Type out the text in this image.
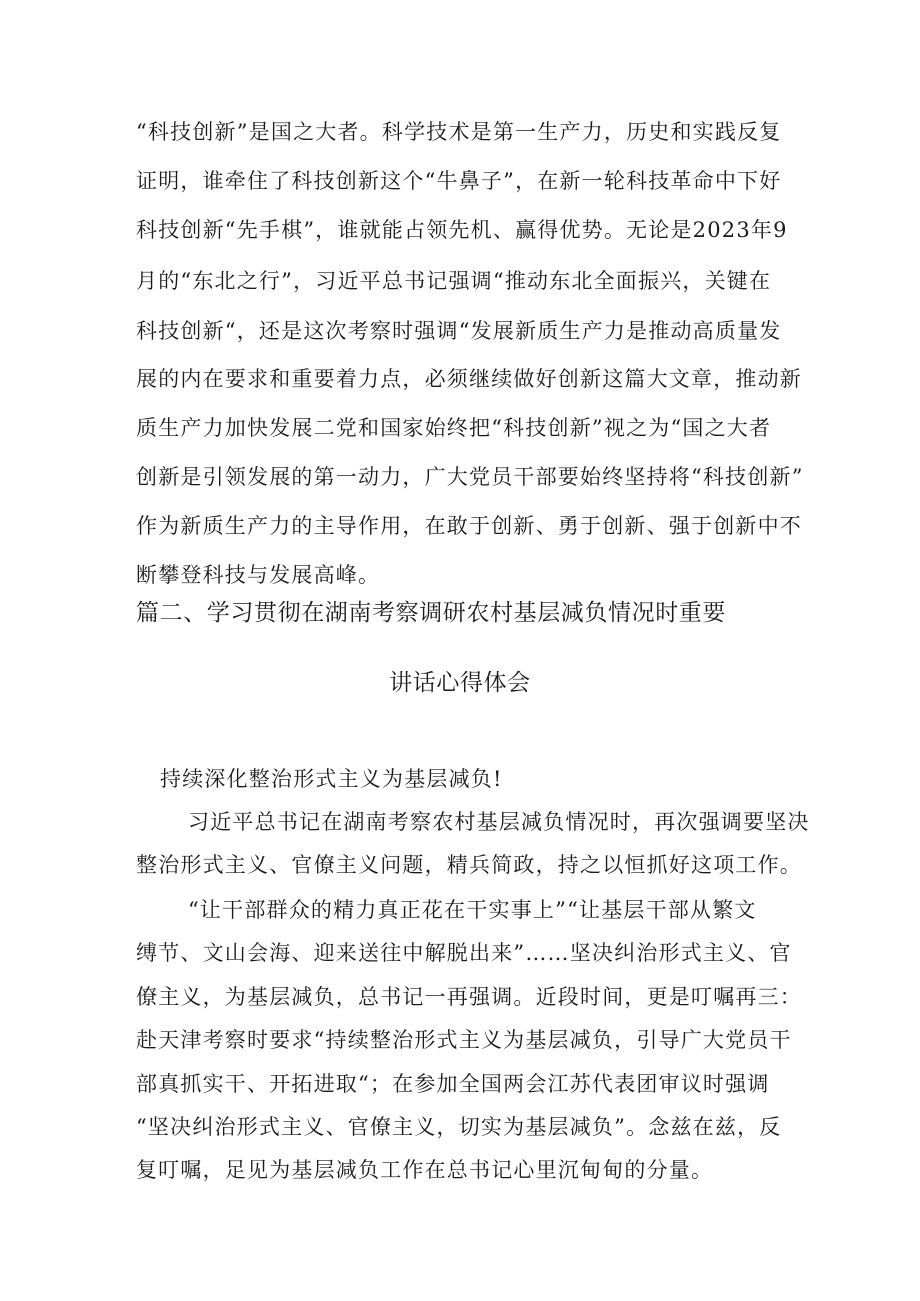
“科技创新”是国之大者。科学技术是第一生产力，历史和实践反复
证明，谁牵住了科技创新这个“牛鼻子”，在新一轮科技革命中下好
科技创新“先手棋”，谁就能占领先机、赢得优势。无论是2023年9
月的“东北之行”，习近平总书记强调“推动东北全面振兴，关键在
科技创新“，还是这次考察时强调“发展新质生产力是推动高质量发
展的内在要求和重要着力点，必须继续做好创新这篇大文章，推动新
质生产力加快发展二党和国家始终把“科技创新”视之为“国之大者
创新是引领发展的第一动力，广大党员干部要始终坚持将“科技创新”
作为新质生产力的主导作用，在敢于创新、勇于创新、强于创新中不
断攀登科技与发展高峰。
篇二、学习贯彻在湖南考察调研农村基层减负情况时重要
讲话心得体会
持续深化整治形式主义为基层减负!
习近平总书记在湖南考察农村基层减负情况时，再次强调要坚决
整治形式主义、官僚主义问题，精兵简政，持之以恒抓好这项工作。
“让干部群众的精力真正花在干实事上”“让基层干部从繁文
缚节、文山会海、迎来送往中解脱出来”……坚决纠治形式主义、官
僚主义，为基层减负，总书记一再强调。近段时间，更是叮嘱再三：
赴天津考察时要求“持续整治形式主义为基层减负，引导广大党员干
部真抓实干、开拓进取“；在参加全国两会江苏代表团审议时强调
“坚决纠治形式主义、官僚主义，切实为基层减负”。念兹在兹，反
复叮嘱，足见为基层减负工作在总书记心里沉甸甸的分量。
